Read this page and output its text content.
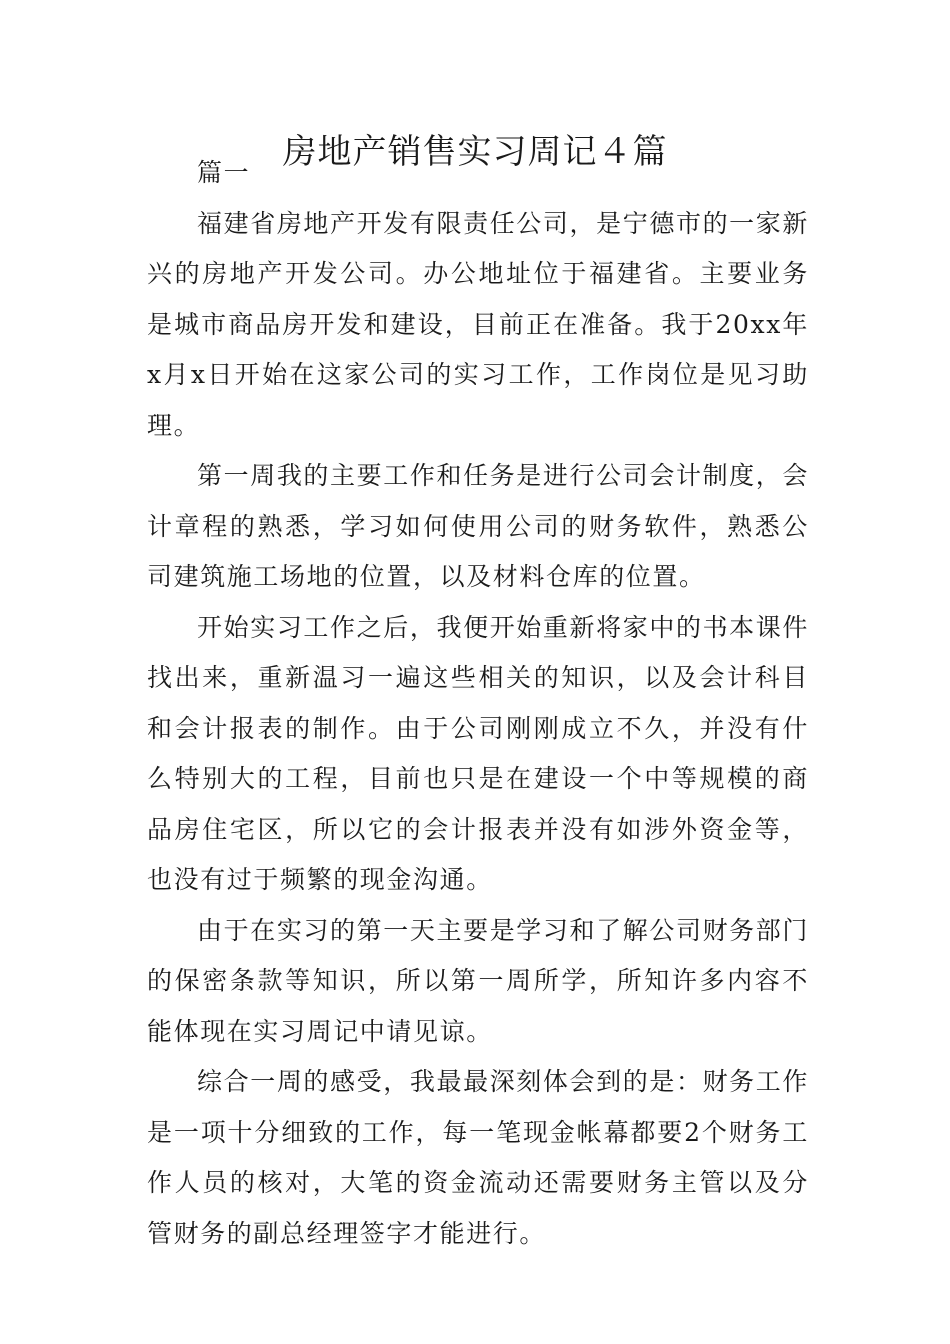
房地产销售实习周记４篇

篇一

福建省房地产开发有限责任公司，是宁德市的一家新兴的房地产开发公司。办公地址位于福建省。主要业务是城市商品房开发和建设，目前正在准备。我于20xx年x月x日开始在这家公司的实习工作，工作岗位是见习助理。

第一周我的主要工作和任务是进行公司会计制度，会计章程的熟悉，学习如何使用公司的财务软件，熟悉公司建筑施工场地的位置，以及材料仓库的位置。

开始实习工作之后，我便开始重新将家中的书本课件找出来，重新温习一遍这些相关的知识，以及会计科目和会计报表的制作。由于公司刚刚成立不久，并没有什么特别大的工程，目前也只是在建设一个中等规模的商品房住宅区，所以它的会计报表并没有如涉外资金等，也没有过于频繁的现金沟通。

由于在实习的第一天主要是学习和了解公司财务部门的保密条款等知识，所以第一周所学，所知许多内容不能体现在实习周记中请见谅。

综合一周的感受，我最最深刻体会到的是：财务工作是一项十分细致的工作，每一笔现金帐幕都要2个财务工作人员的核对，大笔的资金流动还需要财务主管以及分管财务的副总经理签字才能进行。
